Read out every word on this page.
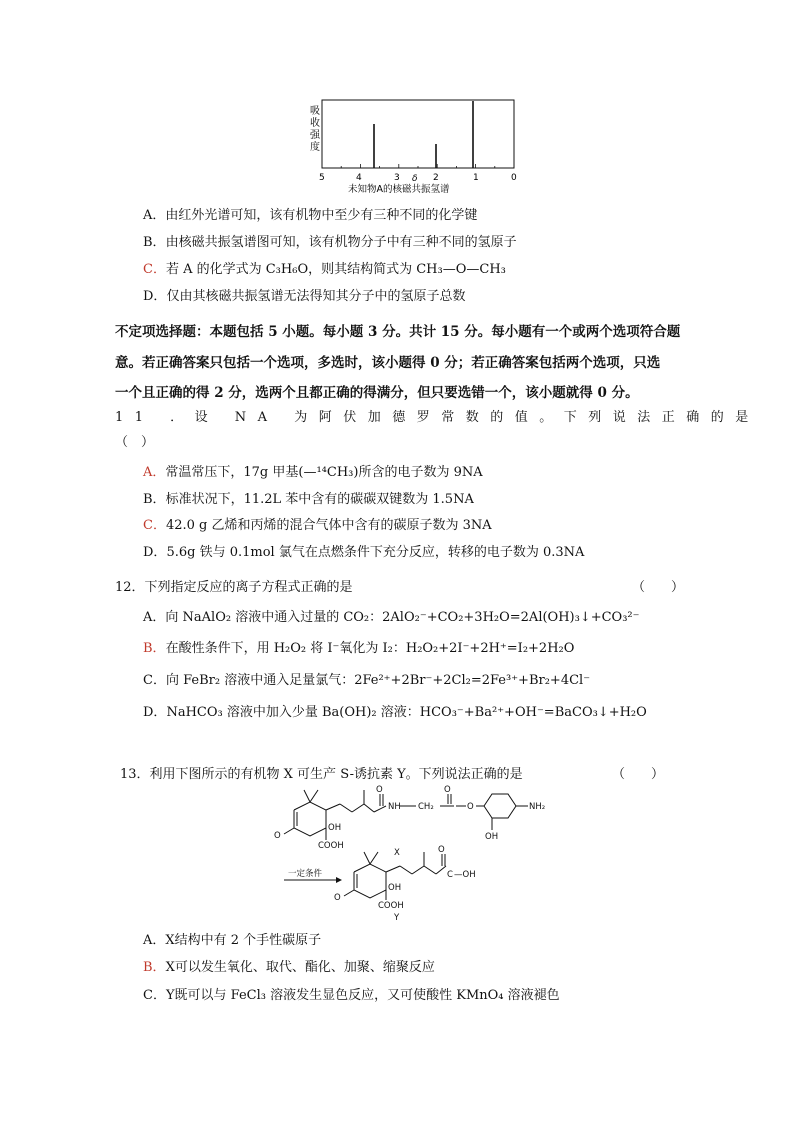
吸
收
强
度
5	4	3 δ 2	1	0
未知物A的核磁共振氢谱
A．由红外光谱可知，该有机物中至少有三种不同的化学键
B．由核磁共振氢谱图可知，该有机物分子中有三种不同的氢原子
C．若 A 的化学式为 C₃H₆O，则其结构简式为 CH₃—O—CH₃
D．仅由其核磁共振氢谱无法得知其分子中的氢原子总数
不定项选择题：本题包括 5 小题。每小题 3 分。共计 15 分。每小题有一个或两个选项符合题
意。若正确答案只包括一个选项，多选时，该小题得 0 分；若正确答案包括两个选项，只选
一个且正确的得 2 分，选两个且都正确的得满分，但只要选错一个，该小题就得 0 分。
11 ．设 NA 为阿伏加德罗常数的值。下列说法正确的是
（　）
A．常温常压下，17g 甲基(—¹⁴CH₃)所含的电子数为 9NA
B．标准状况下，11.2L 苯中含有的碳碳双键数为 1.5NA
C．42.0 g 乙烯和丙烯的混合气体中含有的碳原子数为 3NA
D．5.6g 铁与 0.1mol 氯气在点燃条件下充分反应，转移的电子数为 0.3NA
12．下列指定反应的离子方程式正确的是	（　　）
A．向 NaAlO₂ 溶液中通入过量的 CO₂：2AlO₂⁻+CO₂+3H₂O=2Al(OH)₃↓+CO₃²⁻
B．在酸性条件下，用 H₂O₂ 将 I⁻氧化为 I₂：H₂O₂+2I⁻+2H⁺=I₂+2H₂O
C．向 FeBr₂ 溶液中通入足量氯气：2Fe²⁺+2Br⁻+2Cl₂=2Fe³⁺+Br₂+4Cl⁻
D．NaHCO₃ 溶液中加入少量 Ba(OH)₂ 溶液：HCO₃⁻+Ba²⁺+OH⁻=BaCO₃↓+H₂O
13．利用下图所示的有机物 X 可生产 S-诱抗素 Y。下列说法正确的是	（　　）
O
COOH
OH
O
NH CH₂
O
O	NH₂
OH
X
一定条件
O
OH
COOH
Y
O
C —OH
A．X结构中有 2 个手性碳原子
B．X可以发生氧化、取代、酯化、加聚、缩聚反应
C．Y既可以与 FeCl₃ 溶液发生显色反应，又可使酸性 KMnO₄ 溶液褪色
